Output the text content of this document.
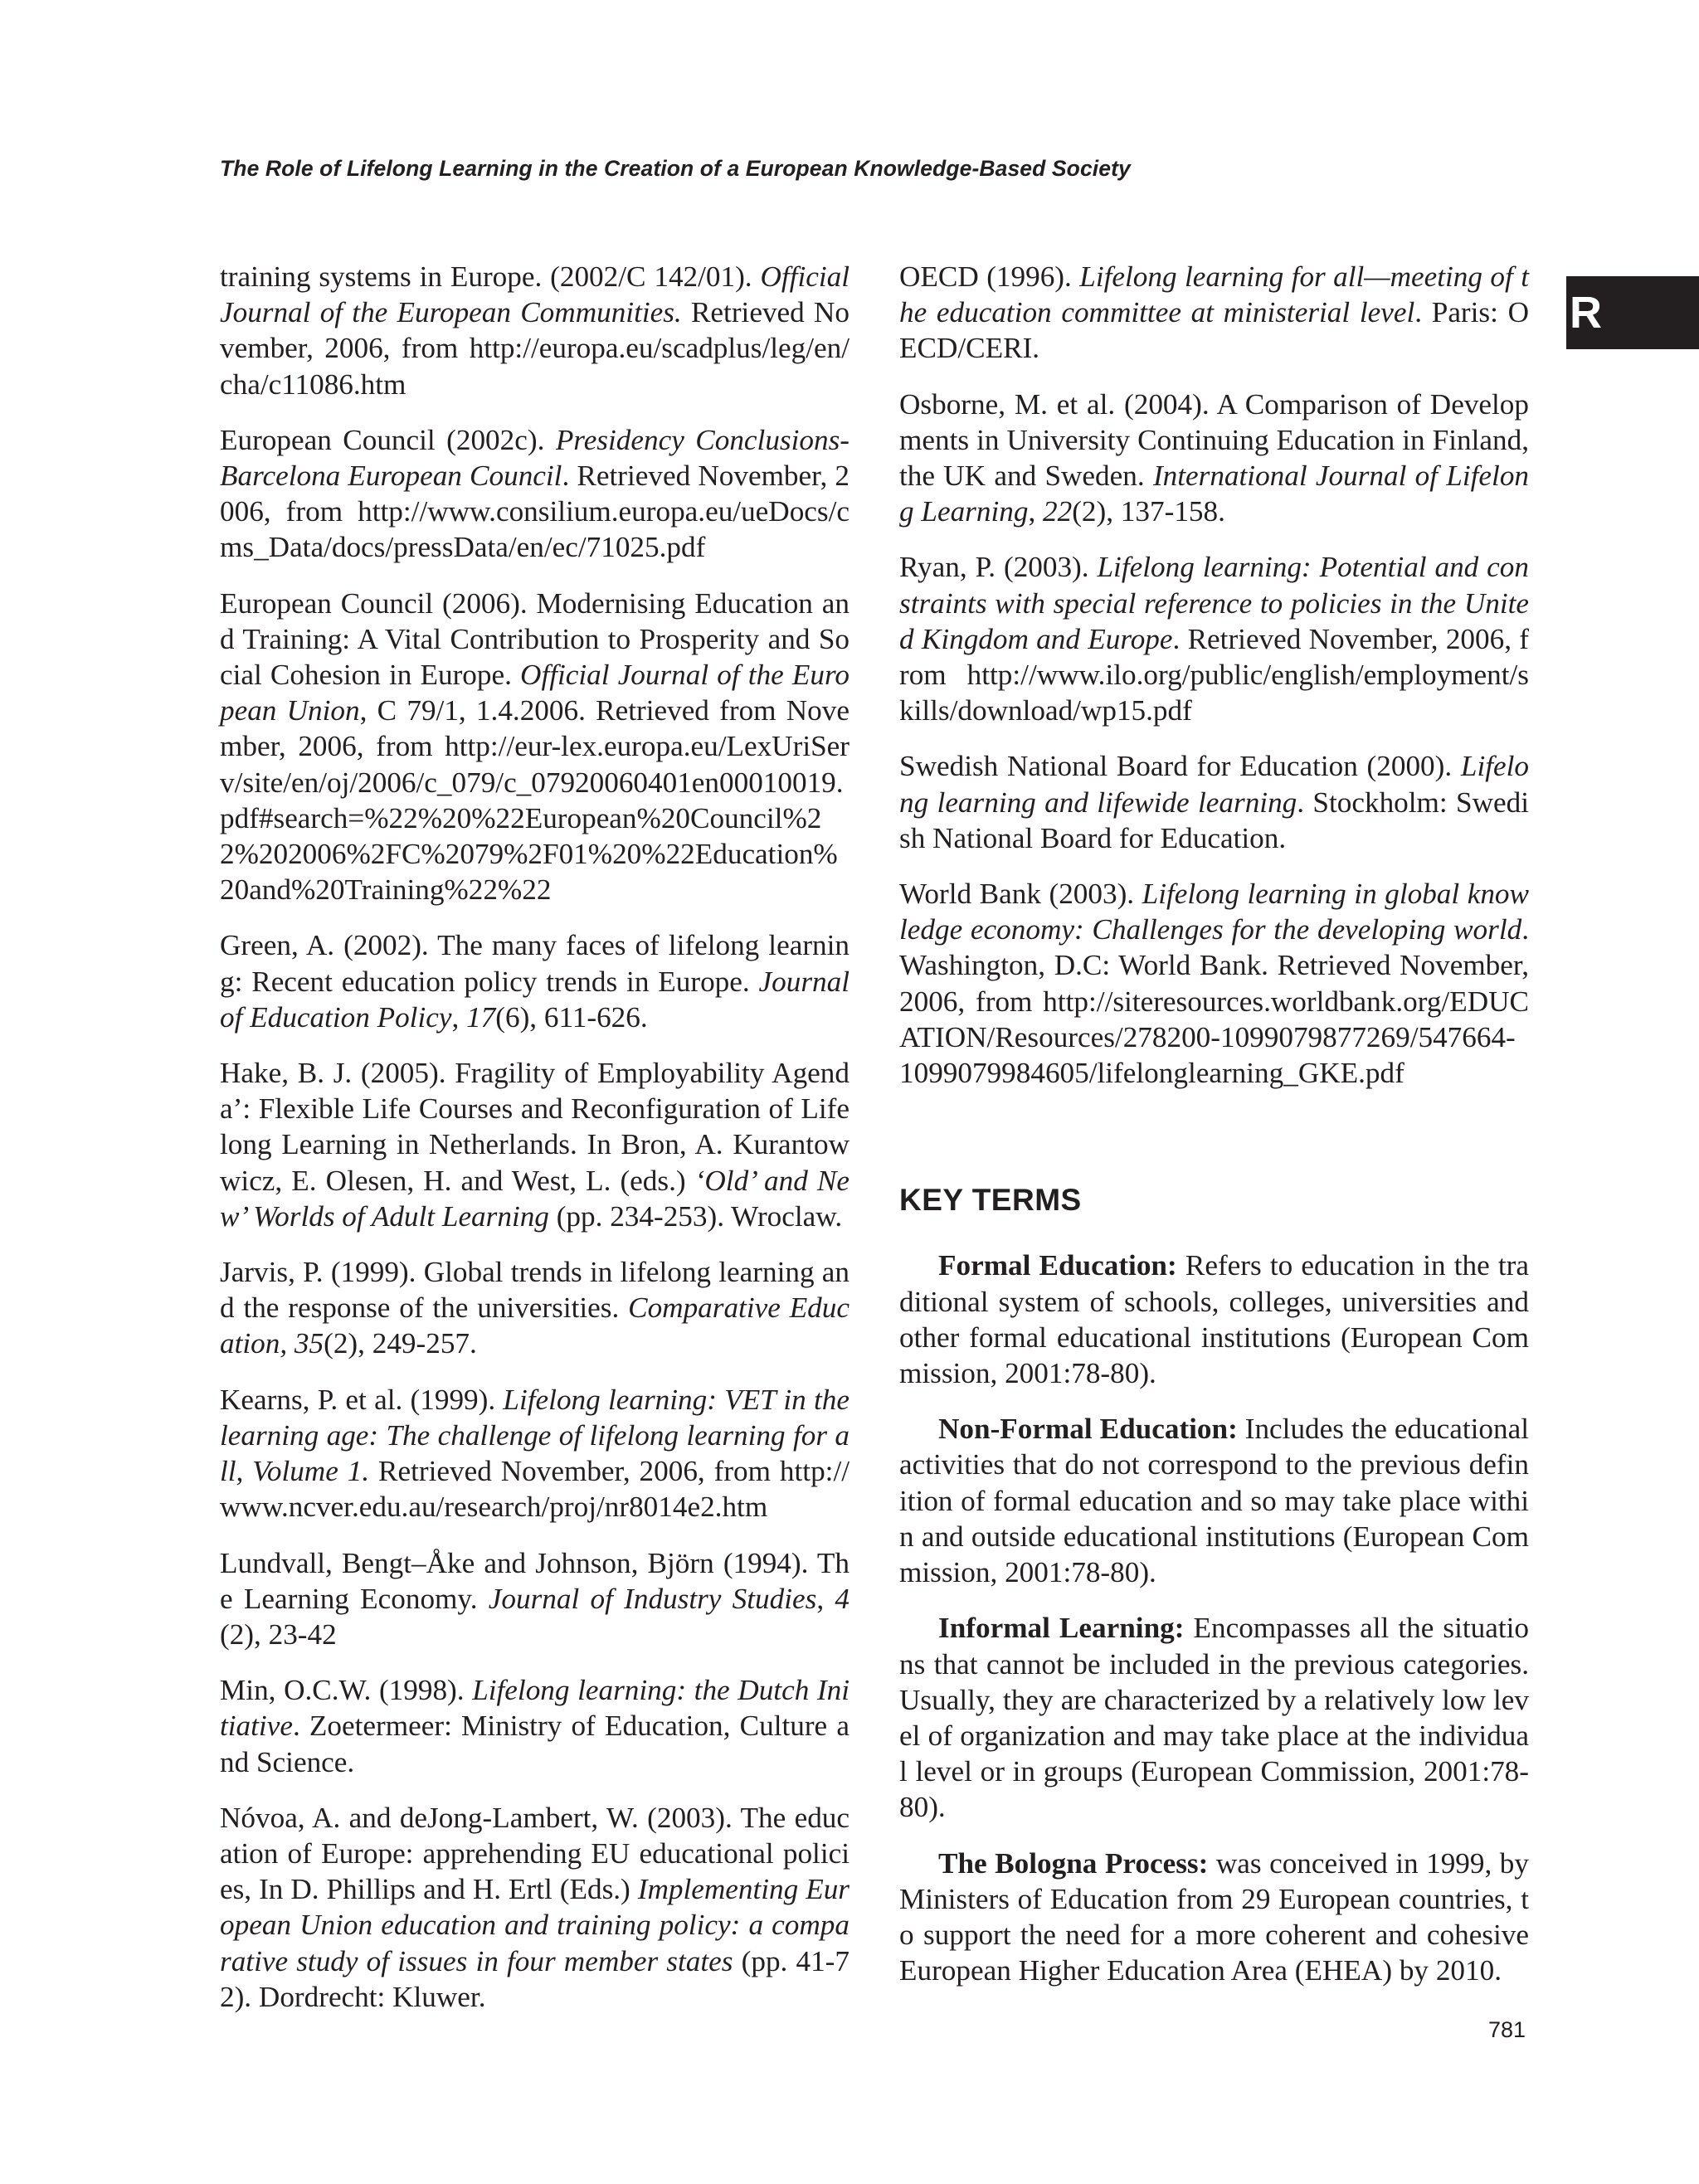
The Role of Lifelong Learning in the Creation of a European Knowledge-Based Society
R

training systems in Europe. (2002/C 142/01). Official Journal of the European Communities. Retrieved November, 2006, from http://europa.eu/scadplus/leg/en/cha/c11086.htm

European Council (2002c). Presidency Conclusions-Barcelona European Council. Retrieved November, 2006, from http://www.consilium.europa.eu/ueDocs/cms_Data/docs/pressData/en/ec/71025.pdf

European Council (2006). Modernising Education and Training: A Vital Contribution to Prosperity and Social Cohesion in Europe. Official Journal of the European Union, C 79/1, 1.4.2006. Retrieved from November, 2006, from http://eur-lex.europa.eu/LexUriServ/site/en/oj/2006/c_079/c_07920060401en00010019.pdf#search=%22%20%22European%20Council%22%202006%2FC%2079%2F01%20%22Education%20and%20Training%22%22

Green, A. (2002). The many faces of lifelong learning: Recent education policy trends in Europe. Journal of Education Policy, 17(6), 611-626.

Hake, B. J. (2005). Fragility of Employability Agenda’: Flexible Life Courses and Reconfiguration of Lifelong Learning in Netherlands. In Bron, A. Kurantowwicz, E. Olesen, H. and West, L. (eds.) ‘Old’ and New’ Worlds of Adult Learning (pp. 234-253). Wroclaw.

Jarvis, P. (1999). Global trends in lifelong learning and the response of the universities. Comparative Education, 35(2), 249-257.

Kearns, P. et al. (1999). Lifelong learning: VET in the learning age: The challenge of lifelong learning for all, Volume 1. Retrieved November, 2006, from http://www.ncver.edu.au/research/proj/nr8014e2.htm

Lundvall, Bengt–Åke and Johnson, Björn (1994). The Learning Economy. Journal of Industry Studies, 4(2), 23-42

Min, O.C.W. (1998). Lifelong learning: the Dutch Initiative. Zoetermeer: Ministry of Education, Culture and Science.

Nóvoa, A. and deJong-Lambert, W. (2003). The education of Europe: apprehending EU educational policies, In D. Phillips and H. Ertl (Eds.) Implementing European Union education and training policy: a comparative study of issues in four member states (pp. 41-72). Dordrecht: Kluwer.

OECD (1996). Lifelong learning for all—meeting of the education committee at ministerial level. Paris: OECD/CERI.

Osborne, M. et al. (2004). A Comparison of Developments in University Continuing Education in Finland, the UK and Sweden. International Journal of Lifelong Learning, 22(2), 137-158.

Ryan, P. (2003). Lifelong learning: Potential and constraints with special reference to policies in the United Kingdom and Europe. Retrieved November, 2006, from http://www.ilo.org/public/english/employment/skills/download/wp15.pdf

Swedish National Board for Education (2000). Lifelong learning and lifewide learning. Stockholm: Swedish National Board for Education.

World Bank (2003). Lifelong learning in global knowledge economy: Challenges for the developing world. Washington, D.C: World Bank. Retrieved November, 2006, from http://siteresources.worldbank.org/EDUCATION/Resources/278200-1099079877269/547664-1099079984605/lifelonglearning_GKE.pdf

KEY TERMS

Formal Education: Refers to education in the traditional system of schools, colleges, universities and other formal educational institutions (European Commission, 2001:78-80).

Non-Formal Education: Includes the educational activities that do not correspond to the previous definition of formal education and so may take place within and outside educational institutions (European Commission, 2001:78-80).

Informal Learning: Encompasses all the situations that cannot be included in the previous categories. Usually, they are characterized by a relatively low level of organization and may take place at the individual level or in groups (European Commission, 2001:78-80).

The Bologna Process: was conceived in 1999, by Ministers of Education from 29 European countries, to support the need for a more coherent and cohesive European Higher Education Area (EHEA) by 2010.

781
